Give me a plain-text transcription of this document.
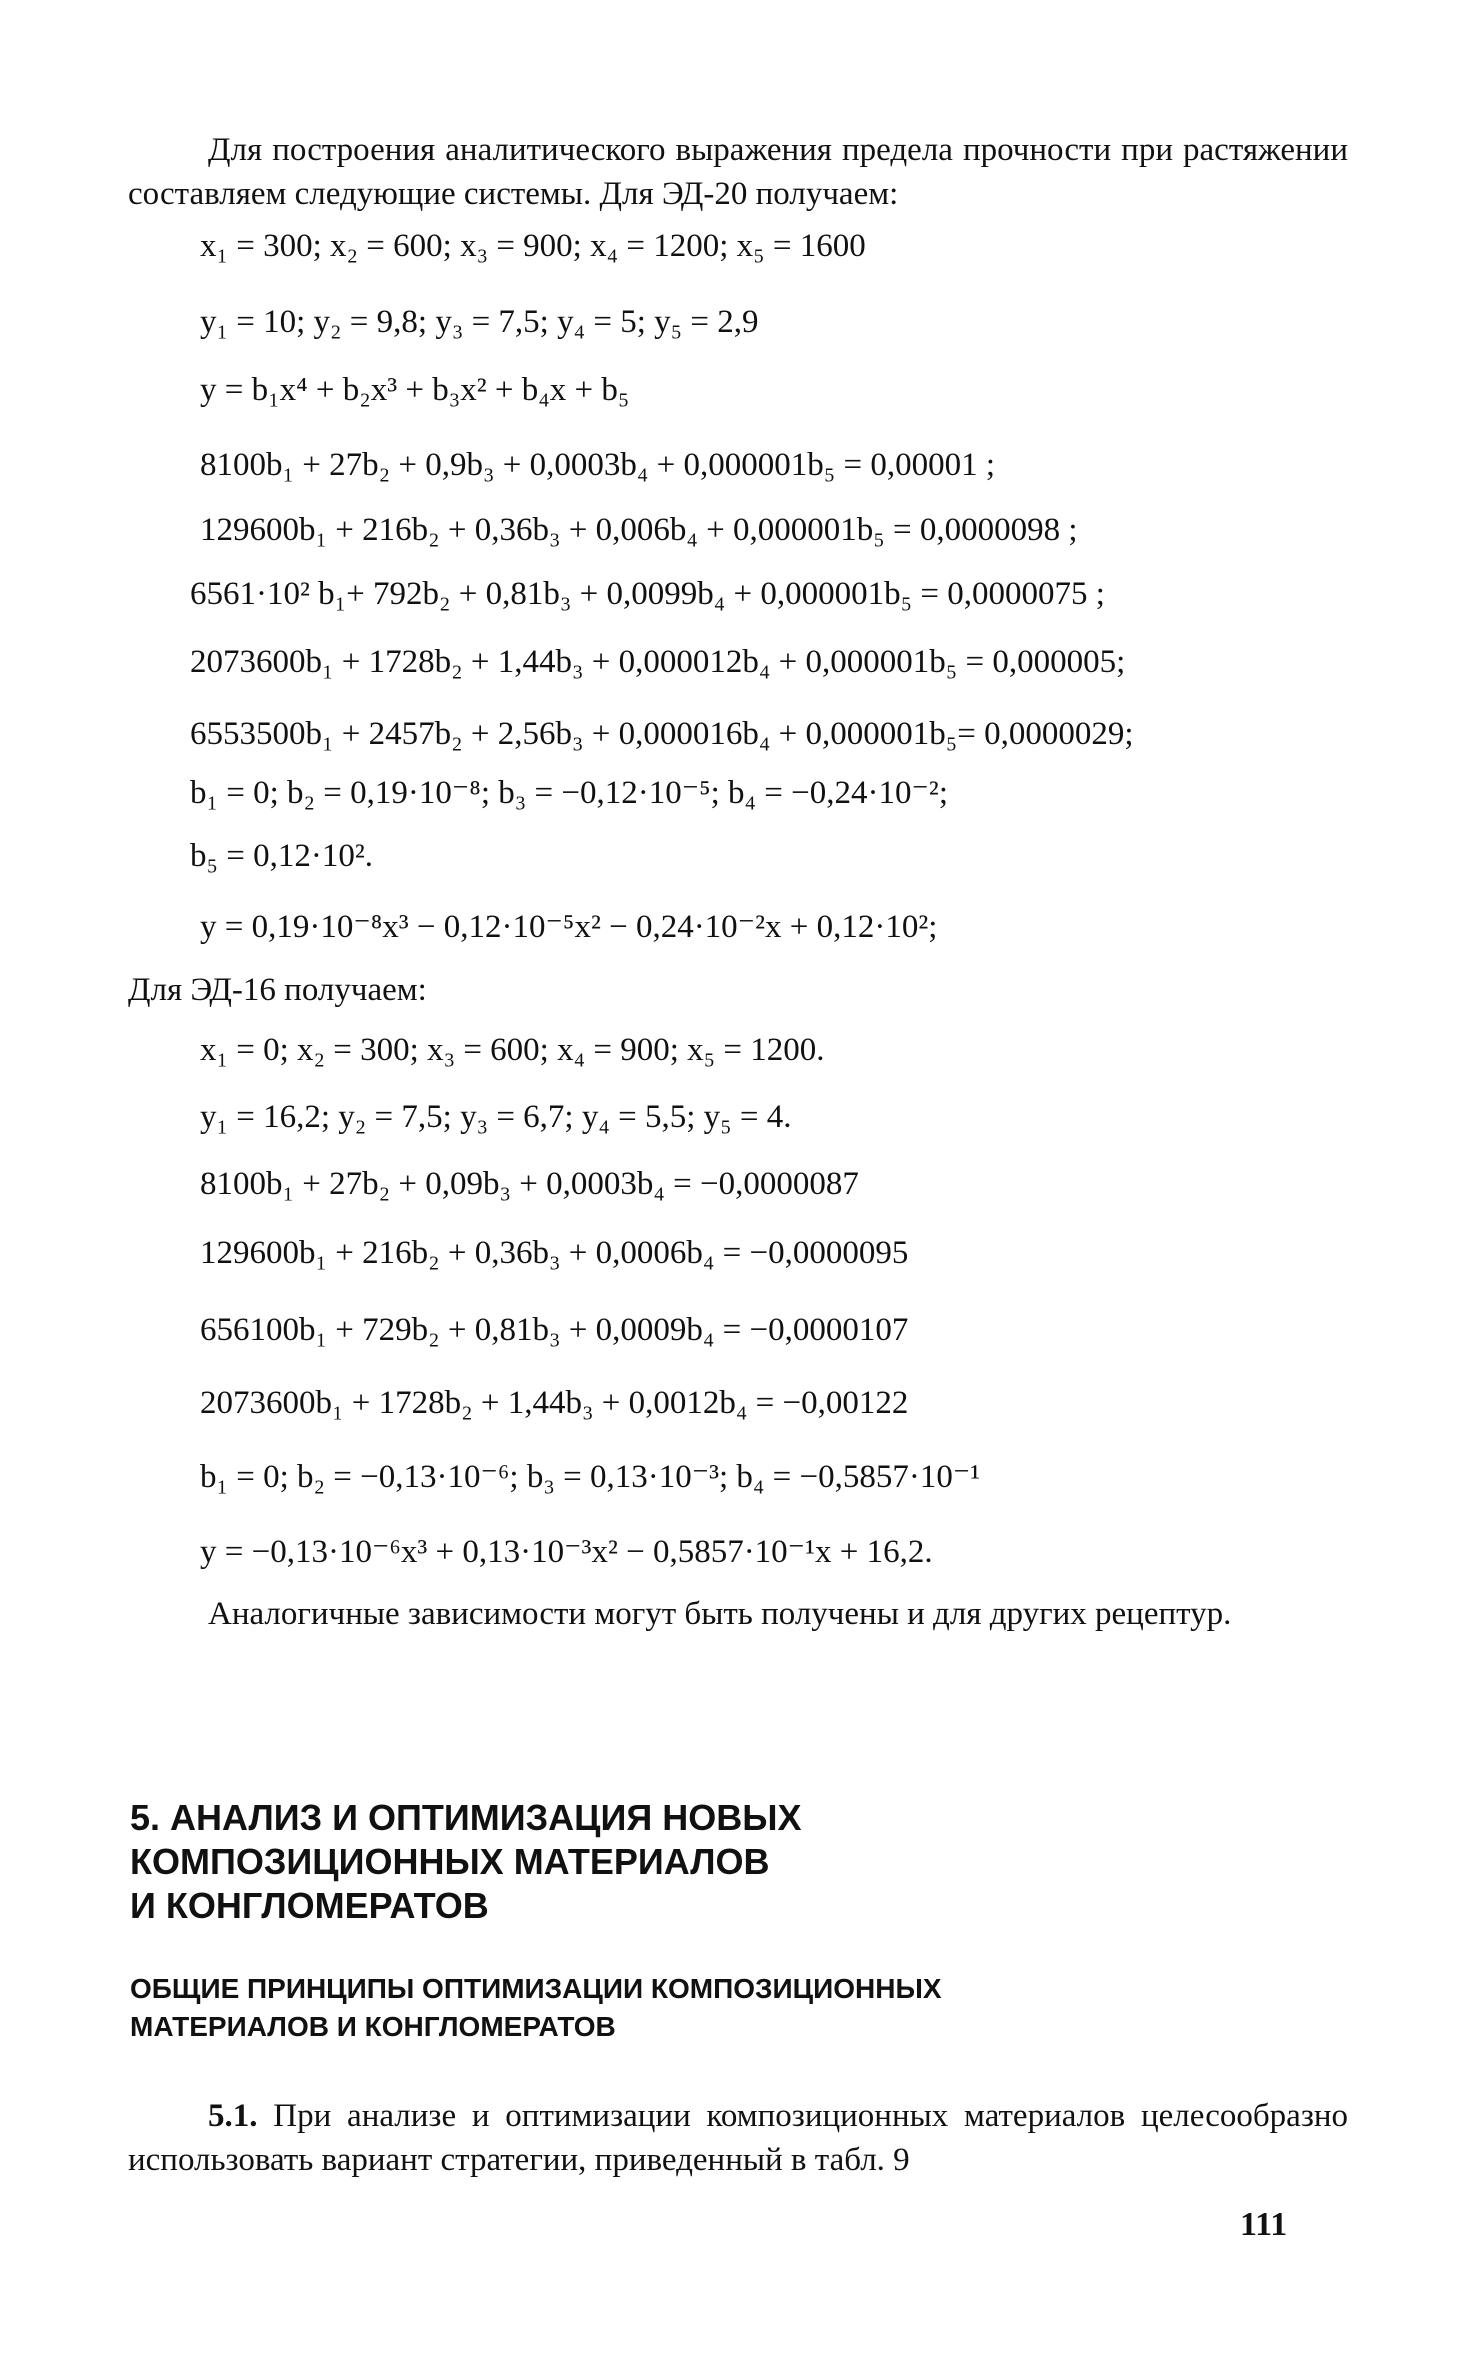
Для построения аналитического выражения предела прочности при растяжении составляем следующие системы. Для ЭД-20 получаем:
x₁ = 300; x₂ = 600; x₃ = 900; x₄ = 1200; x₅ = 1600
y₁ = 10; y₂ = 9,8; y₃ = 7,5; y₄ = 5; y₅ = 2,9
y = b₁x⁴ + b₂x³ + b₃x² + b₄x + b₅
8100b₁ + 27b₂ + 0,9b₃ + 0,0003b₄ + 0,000001b₅ = 0,00001 ;
129600b₁ + 216b₂ + 0,36b₃ + 0,006b₄ + 0,000001b₅ = 0,0000098 ;
6561·10² b₁+ 792b₂ + 0,81b₃ + 0,0099b₄ + 0,000001b₅ = 0,0000075 ;
2073600b₁ + 1728b₂ + 1,44b₃ + 0,000012b₄ + 0,000001b₅ = 0,000005;
6553500b₁ + 2457b₂ + 2,56b₃ + 0,000016b₄ + 0,000001b₅= 0,0000029;
b₁ = 0; b₂ = 0,19·10⁻⁸; b₃ = −0,12·10⁻⁵; b₄ = −0,24·10⁻²;
b₅ = 0,12·10².
y = 0,19·10⁻⁸x³ − 0,12·10⁻⁵x² − 0,24·10⁻²x + 0,12·10²;
Для ЭД-16 получаем:
x₁ = 0; x₂ = 300; x₃ = 600; x₄ = 900; x₅ = 1200.
y₁ = 16,2; y₂ = 7,5; y₃ = 6,7; y₄ = 5,5; y₅ = 4.
8100b₁ + 27b₂ + 0,09b₃ + 0,0003b₄ = −0,0000087
129600b₁ + 216b₂ + 0,36b₃ + 0,0006b₄ = −0,0000095
656100b₁ + 729b₂ + 0,81b₃ + 0,0009b₄ = −0,0000107
2073600b₁ + 1728b₂ + 1,44b₃ + 0,0012b₄ = −0,00122
b₁ = 0; b₂ = −0,13·10⁻⁶; b₃ = 0,13·10⁻³; b₄ = −0,5857·10⁻¹
y = −0,13·10⁻⁶x³ + 0,13·10⁻³x² − 0,5857·10⁻¹x + 16,2.
Аналогичные зависимости могут быть получены и для других рецептур.
5. АНАЛИЗ И ОПТИМИЗАЦИЯ НОВЫХ
КОМПОЗИЦИОННЫХ МАТЕРИАЛОВ
И КОНГЛОМЕРАТОВ
ОБЩИЕ ПРИНЦИПЫ ОПТИМИЗАЦИИ КОМПОЗИЦИОННЫХ
МАТЕРИАЛОВ И КОНГЛОМЕРАТОВ
5.1. При анализе и оптимизации композиционных материалов целесообразно использовать вариант стратегии, приведенный в табл. 9
111
